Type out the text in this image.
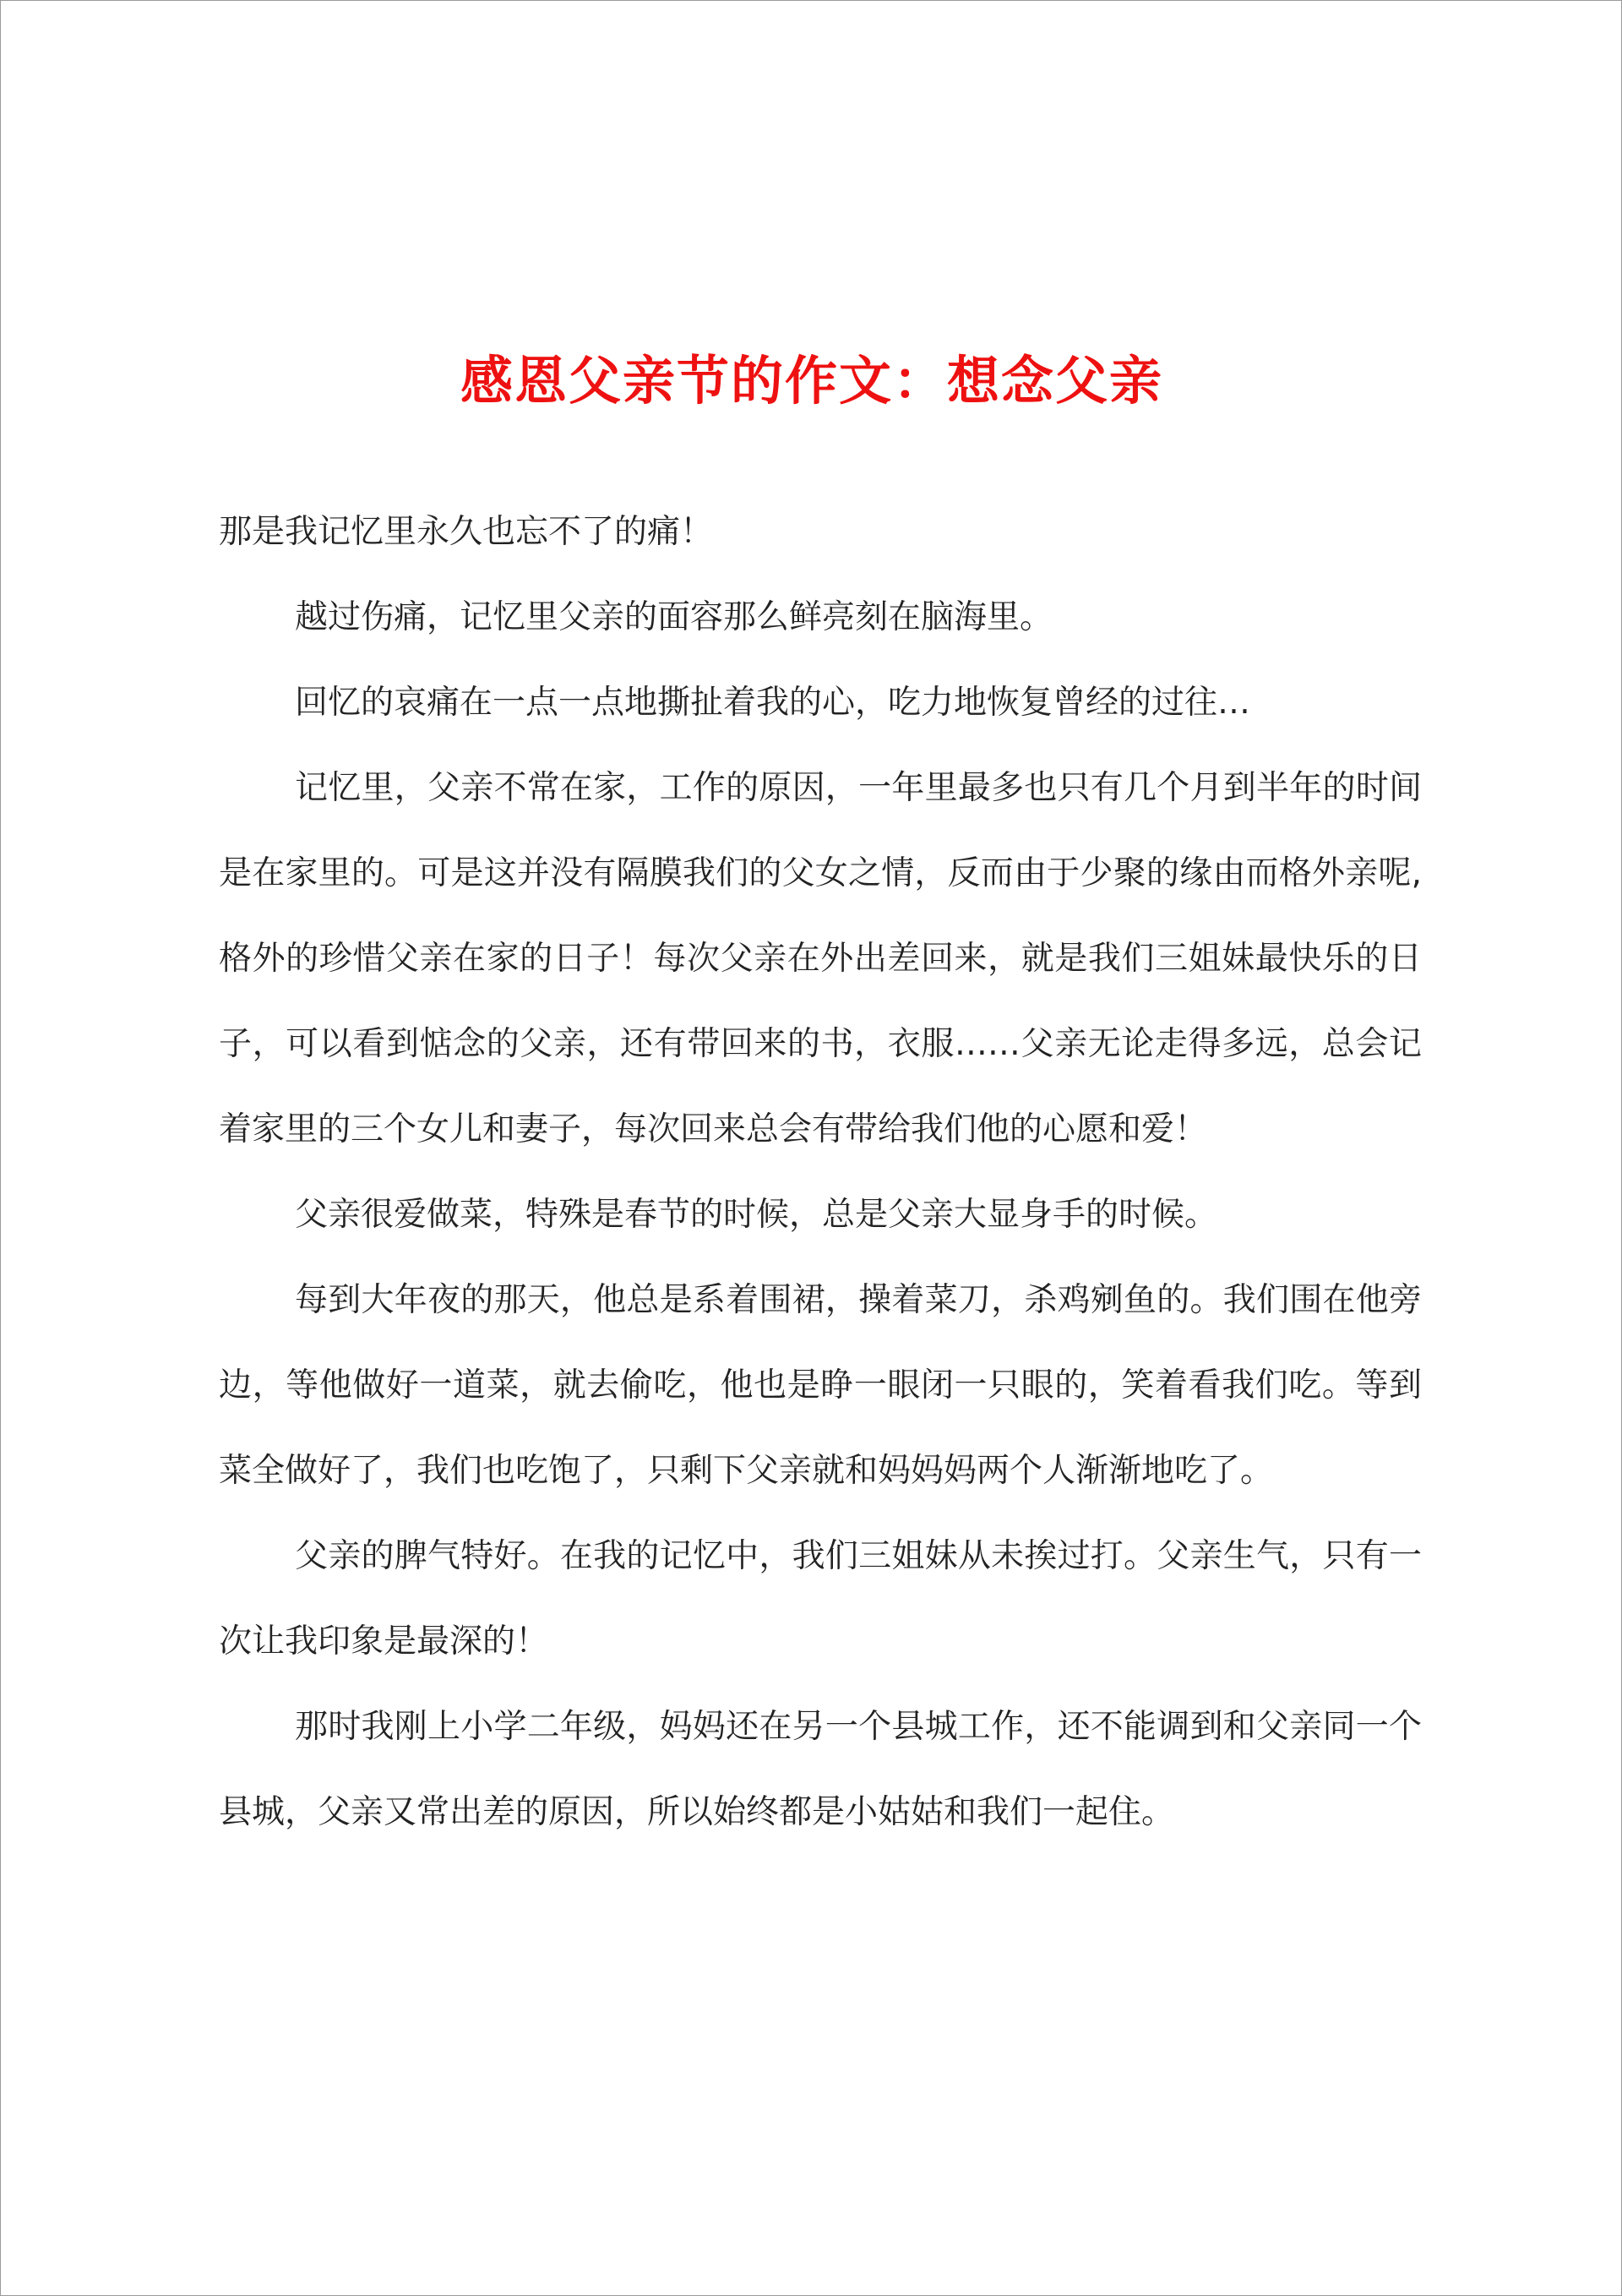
感恩父亲节的作文：想念父亲

那是我记忆里永久也忘不了的痛！

越过伤痛，记忆里父亲的面容那么鲜亮刻在脑海里。

回忆的哀痛在一点一点地撕扯着我的心，吃力地恢复曾经的过往…

记忆里，父亲不常在家，工作的原因，一年里最多也只有几个月到半年的时间是在家里的。可是这并没有隔膜我们的父女之情，反而由于少聚的缘由而格外亲呢,格外的珍惜父亲在家的日子！每次父亲在外出差回来，就是我们三姐妹最快乐的日子，可以看到惦念的父亲，还有带回来的书，衣服……父亲无论走得多远，总会记着家里的三个女儿和妻子，每次回来总会有带给我们他的心愿和爱！

父亲很爱做菜，特殊是春节的时候，总是父亲大显身手的时候。

每到大年夜的那天，他总是系着围裙，操着菜刀，杀鸡剜鱼的。我们围在他旁边，等他做好一道菜，就去偷吃，他也是睁一眼闭一只眼的，笑着看我们吃。等到菜全做好了，我们也吃饱了，只剩下父亲就和妈妈妈两个人渐渐地吃了。

父亲的脾气特好。在我的记忆中，我们三姐妹从未挨过打。父亲生气，只有一次让我印象是最深的！

那时我刚上小学二年级，妈妈还在另一个县城工作，还不能调到和父亲同一个县城，父亲又常出差的原因，所以始终都是小姑姑和我们一起住。
